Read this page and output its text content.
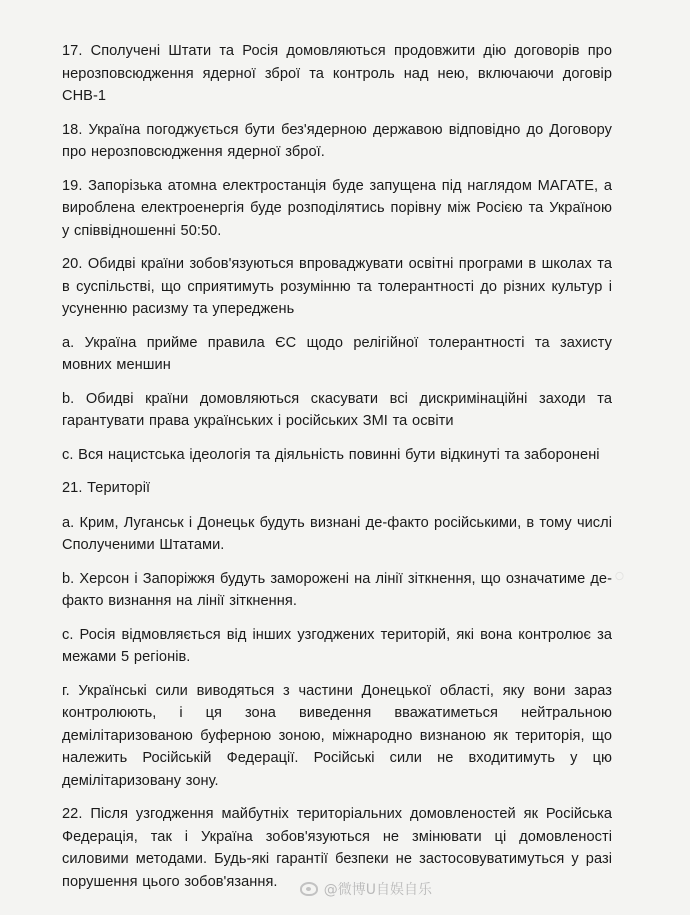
17. Сполучені Штати та Росія домовляються продовжити дію договорів про нерозповсюдження ядерної зброї та контроль над нею, включаючи договір СНВ-1

18. Україна погоджується бути без'ядерною державою відповідно до Договору про нерозповсюдження ядерної зброї.

19. Запорізька атомна електростанція буде запущена під наглядом МАГАТЕ, а вироблена електроенергія буде розподілятись порівну між Росією та Україною у співвідношенні 50:50.

20. Обидві країни зобов'язуються впроваджувати освітні програми в школах та в суспільстві, що сприятимуть розумінню та толерантності до різних культур і усуненню расизму та упереджень

а. Україна прийме правила ЄС щодо релігійної толерантності та захисту мовних меншин

b. Обидві країни домовляються скасувати всі дискримінаційні заходи та гарантувати права українських і російських ЗМІ та освіти

с. Вся нацистська ідеологія та діяльність повинні бути відкинуті та заборонені

21. Території

а. Крим, Луганськ і Донецьк будуть визнані де-факто російськими, в тому числі Сполученими Штатами.

b. Херсон і Запоріжжя будуть заморожені на лінії зіткнення, що означатиме де-факто визнання на лінії зіткнення.

с. Росія відмовляється від інших узгоджених територій, які вона контролює за межами 5 регіонів.

г. Українські сили виводяться з частини Донецької області, яку вони зараз контролюють, і ця зона виведення вважатиметься нейтральною демілітаризованою буферною зоною, міжнародно визнаною як територія, що належить Російській Федерації. Російські сили не входитимуть у цю демілітаризовану зону.

22. Після узгодження майбутніх територіальних домовленостей як Російська Федерація, так і Україна зобов'язуються не змінювати ці домовленості силовими методами. Будь-які гарантії безпеки не застосовуватимуться у разі порушення цього зобов'язання.

◦
@微博U自娱自乐
